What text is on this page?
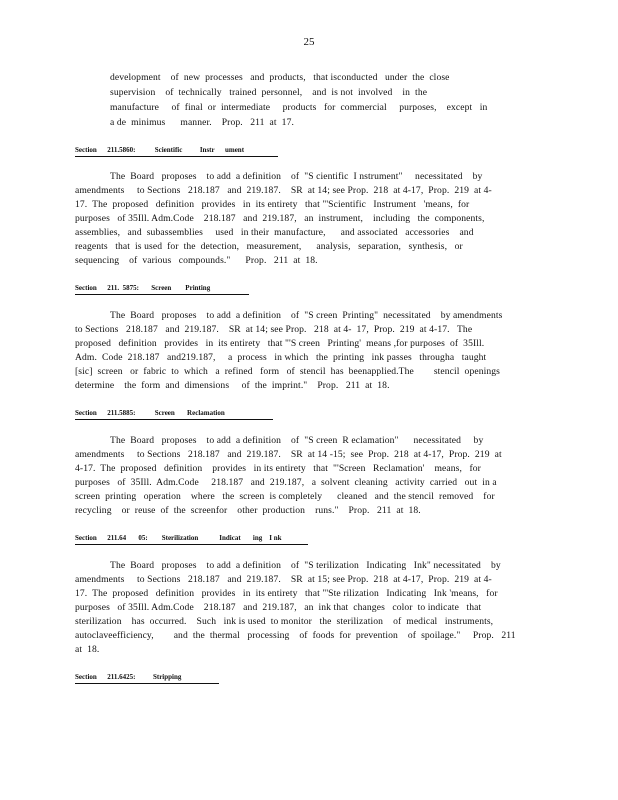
25
development    of  new  processes   and  products,   that isconducted   under  the  close
supervision    of  technically   trained  personnel,    and  is not  involved    in  the
manufacture     of  final  or  intermediate     products   for  commercial     purposes,    except   in
a de  minimus      manner.    Prop.   211  at  17.
Section      211.5860:           Scientific          Instr      ument
The  Board   proposes    to add  a definition    of  "S cientific  I nstrument"     necessitated    by
amendments     to Sections   218.187   and  219.187.    SR  at 14; see Prop.  218  at 4-17,  Prop.  219  at 4-
17.  The  proposed   definition   provides   in  its entirety   that "'Scientific   Instrument   'means,  for
purposes   of 35Ill. Adm.Code    218.187   and  219.187,   an  instrument,    including   the  components,
assemblies,   and  subassemblies     used   in their  manufacture,      and associated   accessories    and
reagents   that  is used  for  the  detection,   measurement,      analysis,   separation,   synthesis,   or
sequencing    of  various   compounds."      Prop.   211  at  18.
Section      211.  5875:       Screen        Printing
The  Board   proposes    to add  a definition    of  "S creen  Printing"  necessitated    by amendments
to Sections   218.187   and  219.187.    SR  at 14; see Prop.   218  at 4-  17,  Prop.  219  at 4-17.   The
proposed   definition   provides   in  its entirety   that "'S creen   Printing'  means ,for purposes  of  35Ill.
Adm.  Code  218.187   and219.187,     a  process   in which   the  printing   ink passes   througha   taught
[sic]  screen   or  fabric  to  which   a  refined   form   of  stencil  has  beenapplied.The        stencil  openings
determine    the  form  and  dimensions     of  the  imprint."    Prop.   211  at  18.
Section      211.5885:           Screen       Reclamation
The  Board   proposes    to add  a definition    of  "S creen  R eclamation"      necessitated     by
amendments     to Sections   218.187   and  219.187.    SR  at 14 -15;  see  Prop.  218  at 4-17,  Prop.  219  at
4-17.  The  proposed   definition    provides   in its entirety   that  "'Screen   Reclamation'    means,   for
purposes   of  35Ill.  Adm.Code     218.187   and  219.187,   a  solvent  cleaning   activity  carried   out  in a
screen  printing   operation    where   the  screen  is completely      cleaned   and  the stencil  removed    for
recycling    or  reuse  of  the  screenfor    other  production    runs."    Prop.   211  at  18.
Section      211.64       05:        Sterilization            Indicat       ing    I nk
The  Board   proposes    to add  a definition    of  "S terilization   Indicating   Ink" necessitated    by
amendments     to Sections   218.187   and  219.187.    SR  at 15; see Prop.  218  at 4-17,  Prop.  219  at 4-
17.  The  proposed   definition   provides   in  its entirety   that "'Ste rilization   Indicating   Ink 'means,   for
purposes   of 35Ill. Adm.Code    218.187   and  219.187,   an  ink that  changes   color  to indicate   that
sterilization    has  occurred.    Such   ink is used  to monitor   the  sterilization    of  medical   instruments,
autoclaveefficiency,        and  the  thermal   processing    of  foods  for  prevention    of  spoilage."     Prop.   211
at  18.
Section      211.6425:          Stripping
